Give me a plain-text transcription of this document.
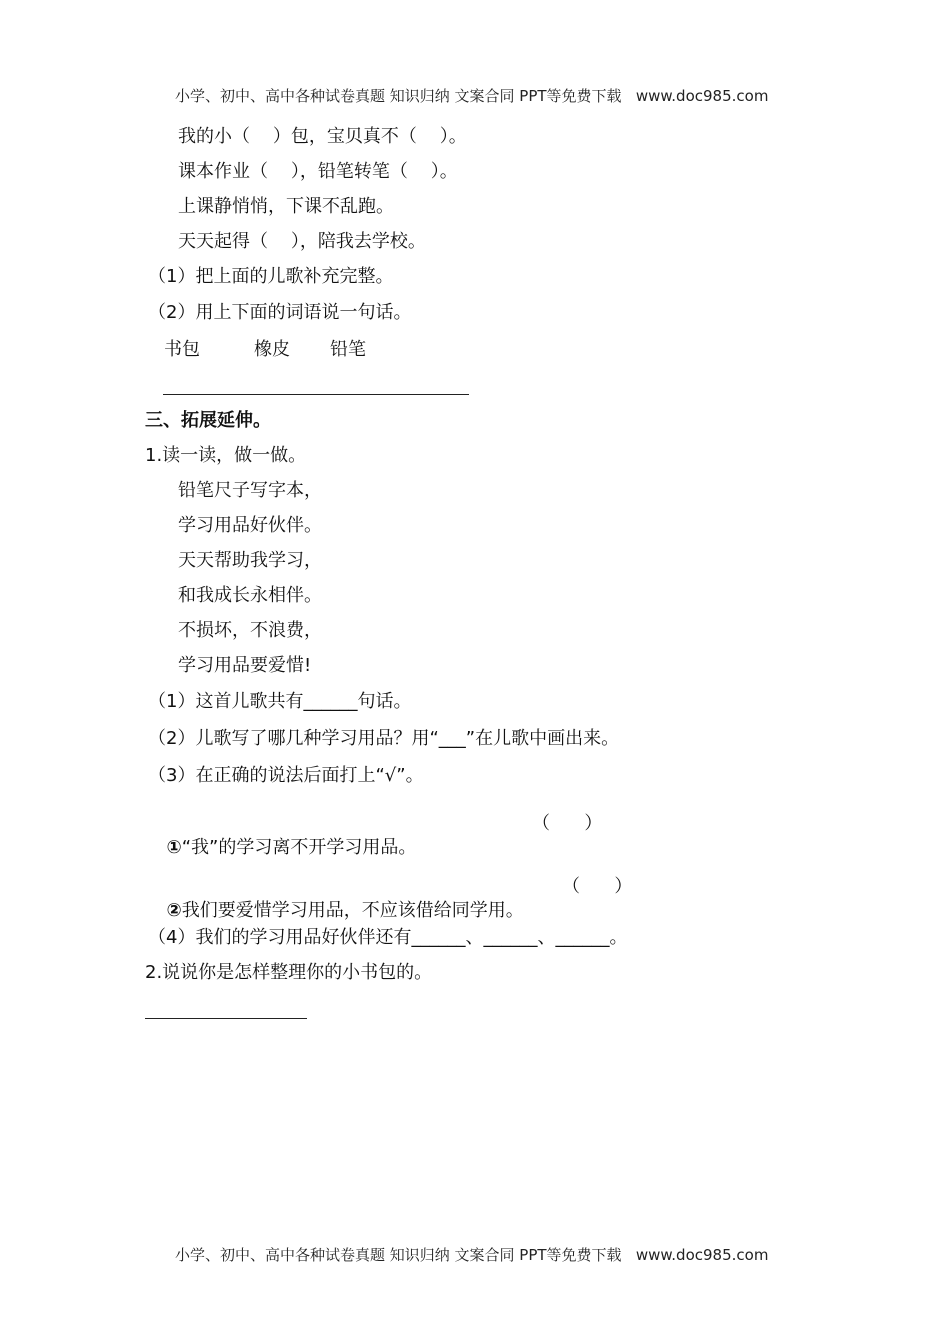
小学、初中、高中各种试卷真题 知识归纳 文案合同 PPT等免费下载   www.doc985.com
我的小（    ）包，宝贝真不（    ）。
课本作业（    ），铅笔转笔（    ）。
上课静悄悄，下课不乱跑。
天天起得（    ），陪我去学校。
（1）把上面的儿歌补充完整。
（2）用上下面的词语说一句话。
书包	橡皮 铅笔
三、拓展延伸。
1.读一读，做一做。
铅笔尺子写字本，
学习用品好伙伴。
天天帮助我学习，
和我成长永相伴。
不损坏，不浪费，
学习用品要爱惜!
（1）这首儿歌共有______句话。
（2）儿歌写了哪几种学习用品？用“___”在儿歌中画出来。
（3）在正确的说法后面打上“√”。

①“我”的学习离不开学习用品。

（      ）

②我们要爱惜学习用品，不应该借给同学用。

（      ）
（4）我们的学习用品好伙伴还有______、______、______。
2.说说你是怎样整理你的小书包的。
小学、初中、高中各种试卷真题 知识归纳 文案合同 PPT等免费下载   www.doc985.com
